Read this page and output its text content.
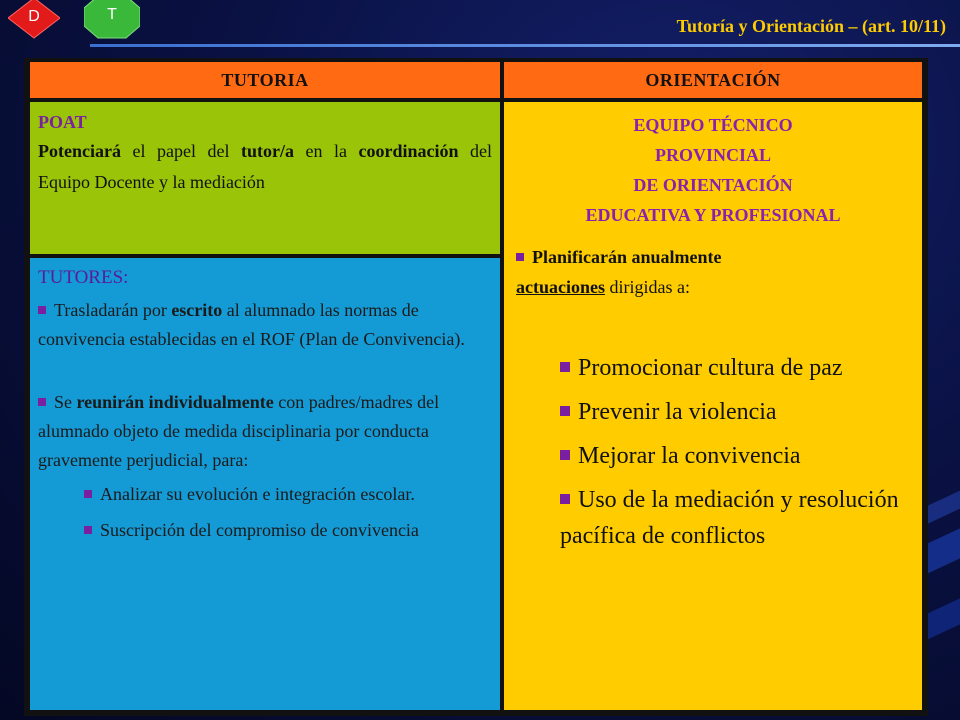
D	T
Tutoría y Orientación – (art. 10/11)
TUTORIA	ORIENTACIÓN
POAT
Potenciará el papel del tutor/a en la coordinación del Equipo Docente y la mediación
TUTORES:
Trasladarán por escrito al alumnado las normas de convivencia establecidas en el ROF (Plan de Convivencia).
Se reunirán individualmente con padres/madres del alumnado objeto de medida disciplinaria por conducta gravemente perjudicial, para:
Analizar su evolución e integración escolar.
Suscripción del compromiso de convivencia
EQUIPO TÉCNICO
PROVINCIAL
DE ORIENTACIÓN
EDUCATIVA Y PROFESIONAL
Planificarán anualmente
actuaciones dirigidas a:
Promocionar cultura de paz
Prevenir la violencia
Mejorar la convivencia
Uso de la mediación y resolución pacífica de conflictos
